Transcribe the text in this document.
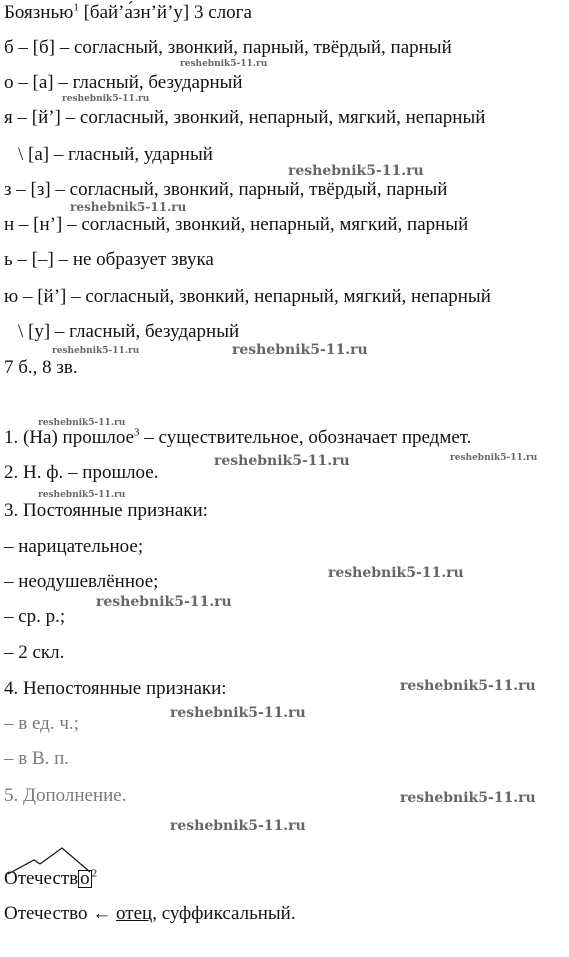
Боязнью$^1$ [бай’а́зн’й’у] 3 слога
б – [б] – согласный, звонкий, парный, твёрдый, парный
о – [а] – гласный, безударный
я – [й’] – согласный, звонкий, непарный, мягкий, непарный
\ [а] – гласный, ударный
з – [з] – согласный, звонкий, парный, твёрдый, парный
н – [н’] – согласный, звонкий, непарный, мягкий, парный
ь – [–] – не образует звука
ю – [й’] – согласный, звонкий, непарный, мягкий, непарный
\ [у] – гласный, безударный
7 б., 8 зв.
1. (На) прошлое$^3$ – существительное, обозначает предмет.
2. Н. ф. – прошлое.
3. Постоянные признаки:
– нарицательное;
– неодушевлённое;
– ср. р.;
– 2 скл.
4. Непостоянные признаки:
– в ед. ч.;
– в В. п.
5. Дополнение.
Отечеств о $^2$
Отечество ← отец, суффиксальный.
reshebnik5-11.ru
reshebnik5-11.ru
reshebnik5-11.ru
reshebnik5-11.ru
reshebnik5-11.ru	reshebnik5-11.ru
reshebnik5-11.ru
reshebnik5-11.ru	reshebnik5-11.ru
reshebnik5-11.ru
reshebnik5-11.ru
reshebnik5-11.ru
reshebnik5-11.ru
reshebnik5-11.ru
reshebnik5-11.ru
reshebnik5-11.ru
